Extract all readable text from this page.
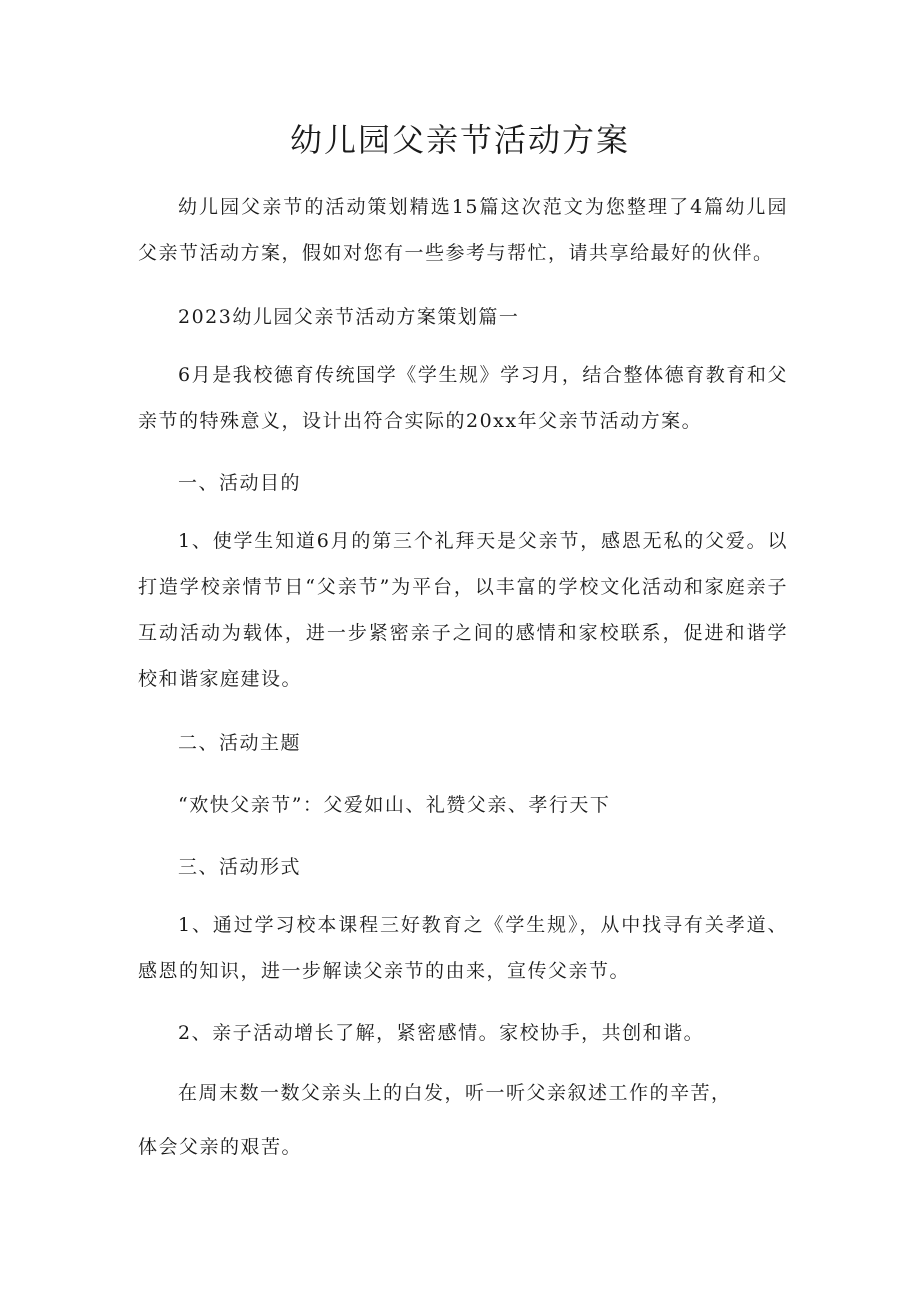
幼儿园父亲节活动方案

幼儿园父亲节的活动策划精选15篇这次范文为您整理了4篇幼儿园父亲节活动方案，假如对您有一些参考与帮忙，请共享给最好的伙伴。

2023幼儿园父亲节活动方案策划篇一

6月是我校德育传统国学《学生规》学习月，结合整体德育教育和父亲节的特殊意义，设计出符合实际的20xx年父亲节活动方案。

一、活动目的

1、使学生知道6月的第三个礼拜天是父亲节，感恩无私的父爱。以打造学校亲情节日“父亲节”为平台，以丰富的学校文化活动和家庭亲子互动活动为载体，进一步紧密亲子之间的感情和家校联系，促进和谐学校和谐家庭建设。

二、活动主题

“欢快父亲节”：父爱如山、礼赞父亲、孝行天下

三、活动形式

1、通过学习校本课程三好教育之《学生规》，从中找寻有关孝道、感恩的知识，进一步解读父亲节的由来，宣传父亲节。

2、亲子活动增长了解，紧密感情。家校协手，共创和谐。

在周末数一数父亲头上的白发，听一听父亲叙述工作的辛苦，

体会父亲的艰苦。
